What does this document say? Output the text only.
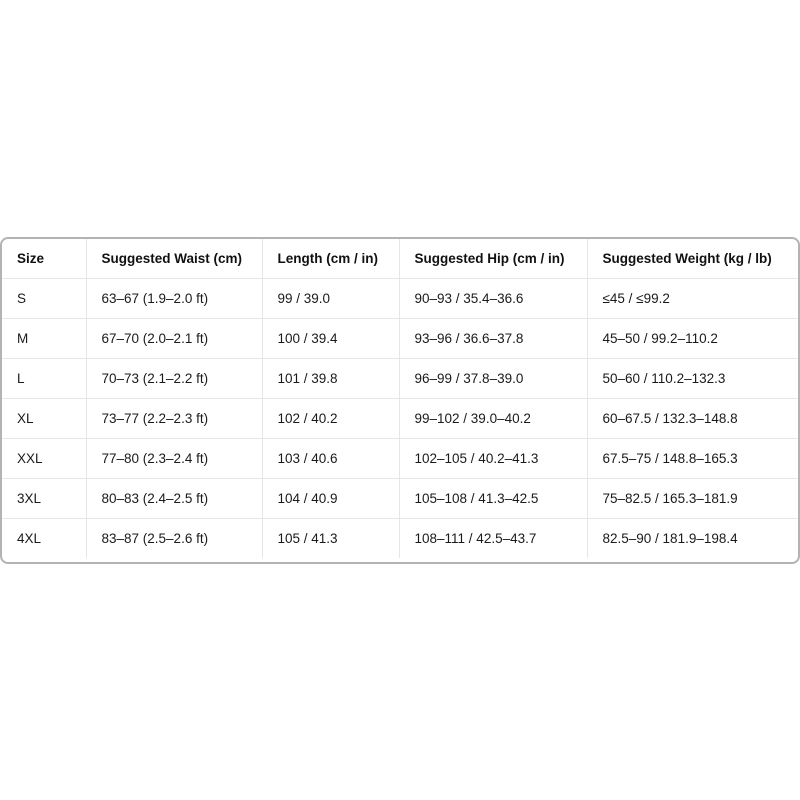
Size	Suggested Waist (cm)	Length (cm / in)	Suggested Hip (cm / in)	Suggested Weight (kg / lb)
S	63–67 (1.9–2.0 ft)	99 / 39.0	90–93 / 35.4–36.6	≤45 / ≤99.2
M	67–70 (2.0–2.1 ft)	100 / 39.4	93–96 / 36.6–37.8	45–50 / 99.2–110.2
L	70–73 (2.1–2.2 ft)	101 / 39.8	96–99 / 37.8–39.0	50–60 / 110.2–132.3
XL	73–77 (2.2–2.3 ft)	102 / 40.2	99–102 / 39.0–40.2	60–67.5 / 132.3–148.8
XXL	77–80 (2.3–2.4 ft)	103 / 40.6	102–105 / 40.2–41.3	67.5–75 / 148.8–165.3
3XL	80–83 (2.4–2.5 ft)	104 / 40.9	105–108 / 41.3–42.5	75–82.5 / 165.3–181.9
4XL	83–87 (2.5–2.6 ft)	105 / 41.3	108–111 / 42.5–43.7	82.5–90 / 181.9–198.4
